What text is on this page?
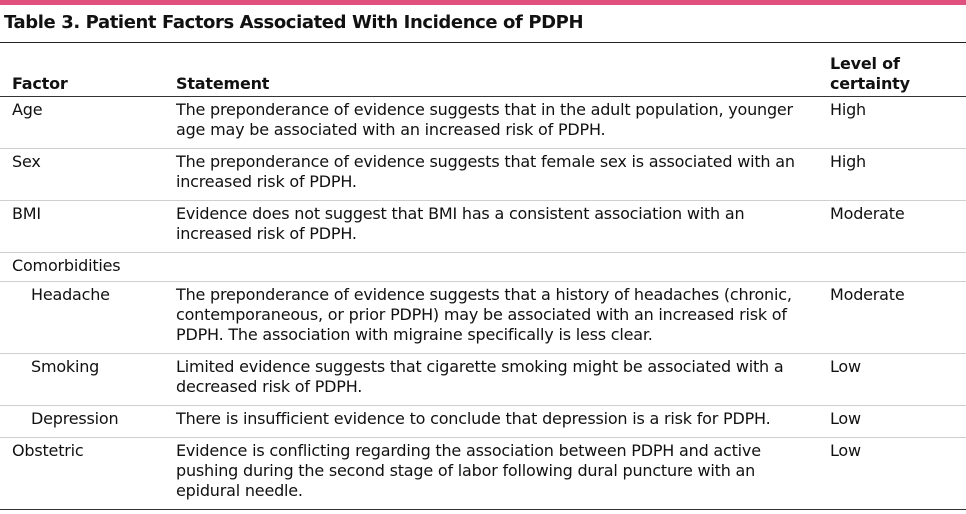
Table 3. Patient Factors Associated With Incidence of PDPH
Factor	Statement	Level of
certainty
Age	The preponderance of evidence suggests that in the adult population, younger age may be associated with an increased risk of PDPH.	High
Sex	The preponderance of evidence suggests that female sex is associated with an increased risk of PDPH.	High
BMI	Evidence does not suggest that BMI has a consistent association with an increased risk of PDPH.	Moderate
Comorbidities		
Headache	The preponderance of evidence suggests that a history of headaches (chronic, contemporaneous, or prior PDPH) may be associated with an increased risk of PDPH. The association with migraine specifically is less clear.	Moderate
Smoking	Limited evidence suggests that cigarette smoking might be associated with a decreased risk of PDPH.	Low
Depression	There is insufficient evidence to conclude that depression is a risk for PDPH.	Low
Obstetric	Evidence is conflicting regarding the association between PDPH and active pushing during the second stage of labor following dural puncture with an epidural needle.	Low
